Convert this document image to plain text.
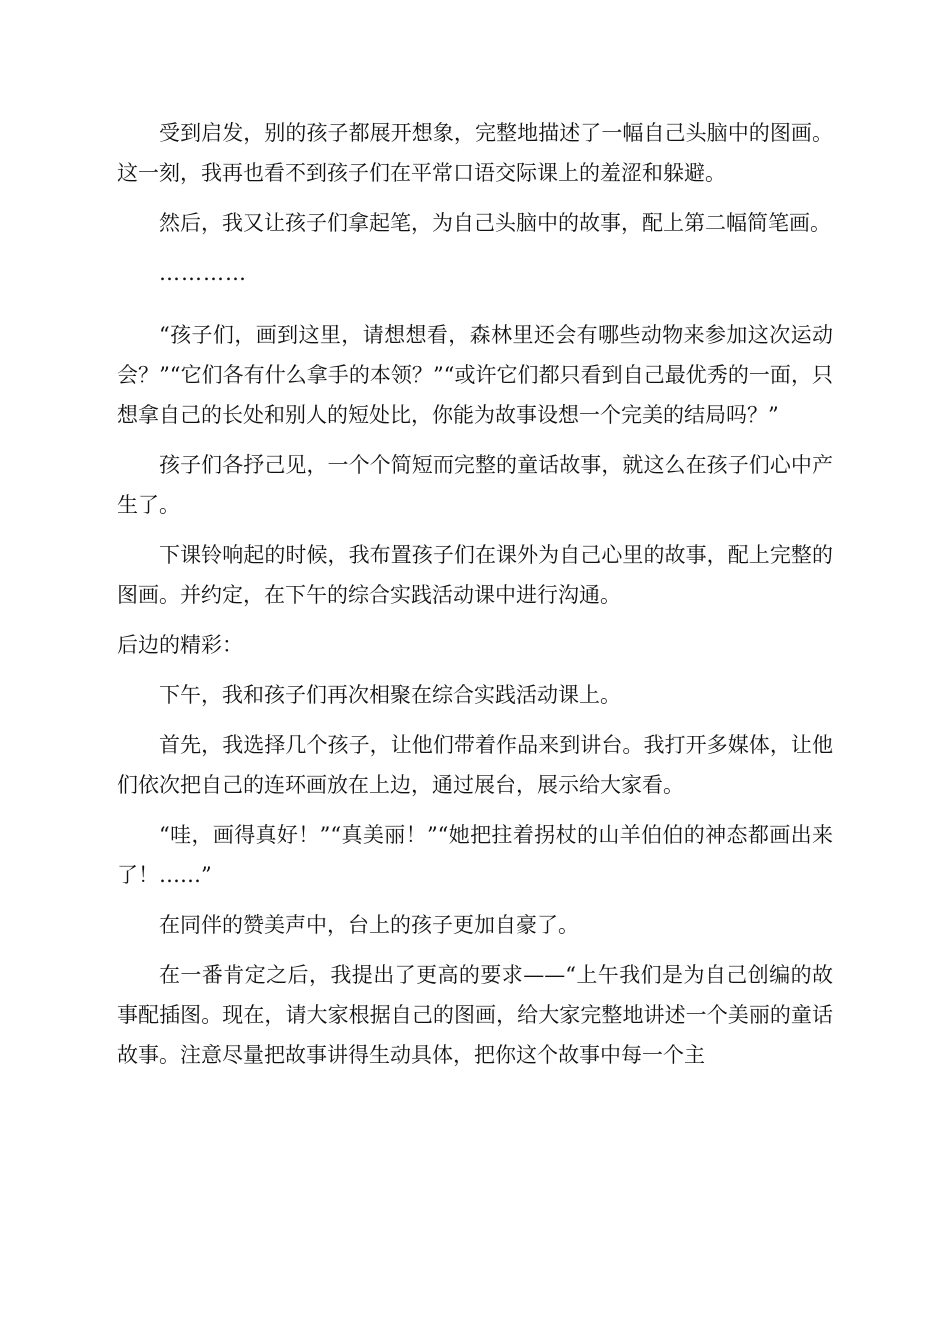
受到启发，别的孩子都展开想象，完整地描述了一幅自己头脑中的图画。这一刻，我再也看不到孩子们在平常口语交际课上的羞涩和躲避。

然后，我又让孩子们拿起笔，为自己头脑中的故事，配上第二幅简笔画。

…………

“孩子们，画到这里，请想想看，森林里还会有哪些动物来参加这次运动会？”“它们各有什么拿手的本领？”“或许它们都只看到自己最优秀的一面，只想拿自己的长处和别人的短处比，你能为故事设想一个完美的结局吗？”

孩子们各抒己见，一个个简短而完整的童话故事，就这么在孩子们心中产生了。

下课铃响起的时候，我布置孩子们在课外为自己心里的故事，配上完整的图画。并约定，在下午的综合实践活动课中进行沟通。

后边的精彩：

下午，我和孩子们再次相聚在综合实践活动课上。

首先，我选择几个孩子，让他们带着作品来到讲台。我打开多媒体，让他们依次把自己的连环画放在上边，通过展台，展示给大家看。

“哇，画得真好！”“真美丽！”“她把拄着拐杖的山羊伯伯的神态都画出来了！……”

在同伴的赞美声中，台上的孩子更加自豪了。

在一番肯定之后，我提出了更高的要求——“上午我们是为自己创编的故事配插图。现在，请大家根据自己的图画，给大家完整地讲述一个美丽的童话故事。注意尽量把故事讲得生动具体，把你这个故事中每一个主
